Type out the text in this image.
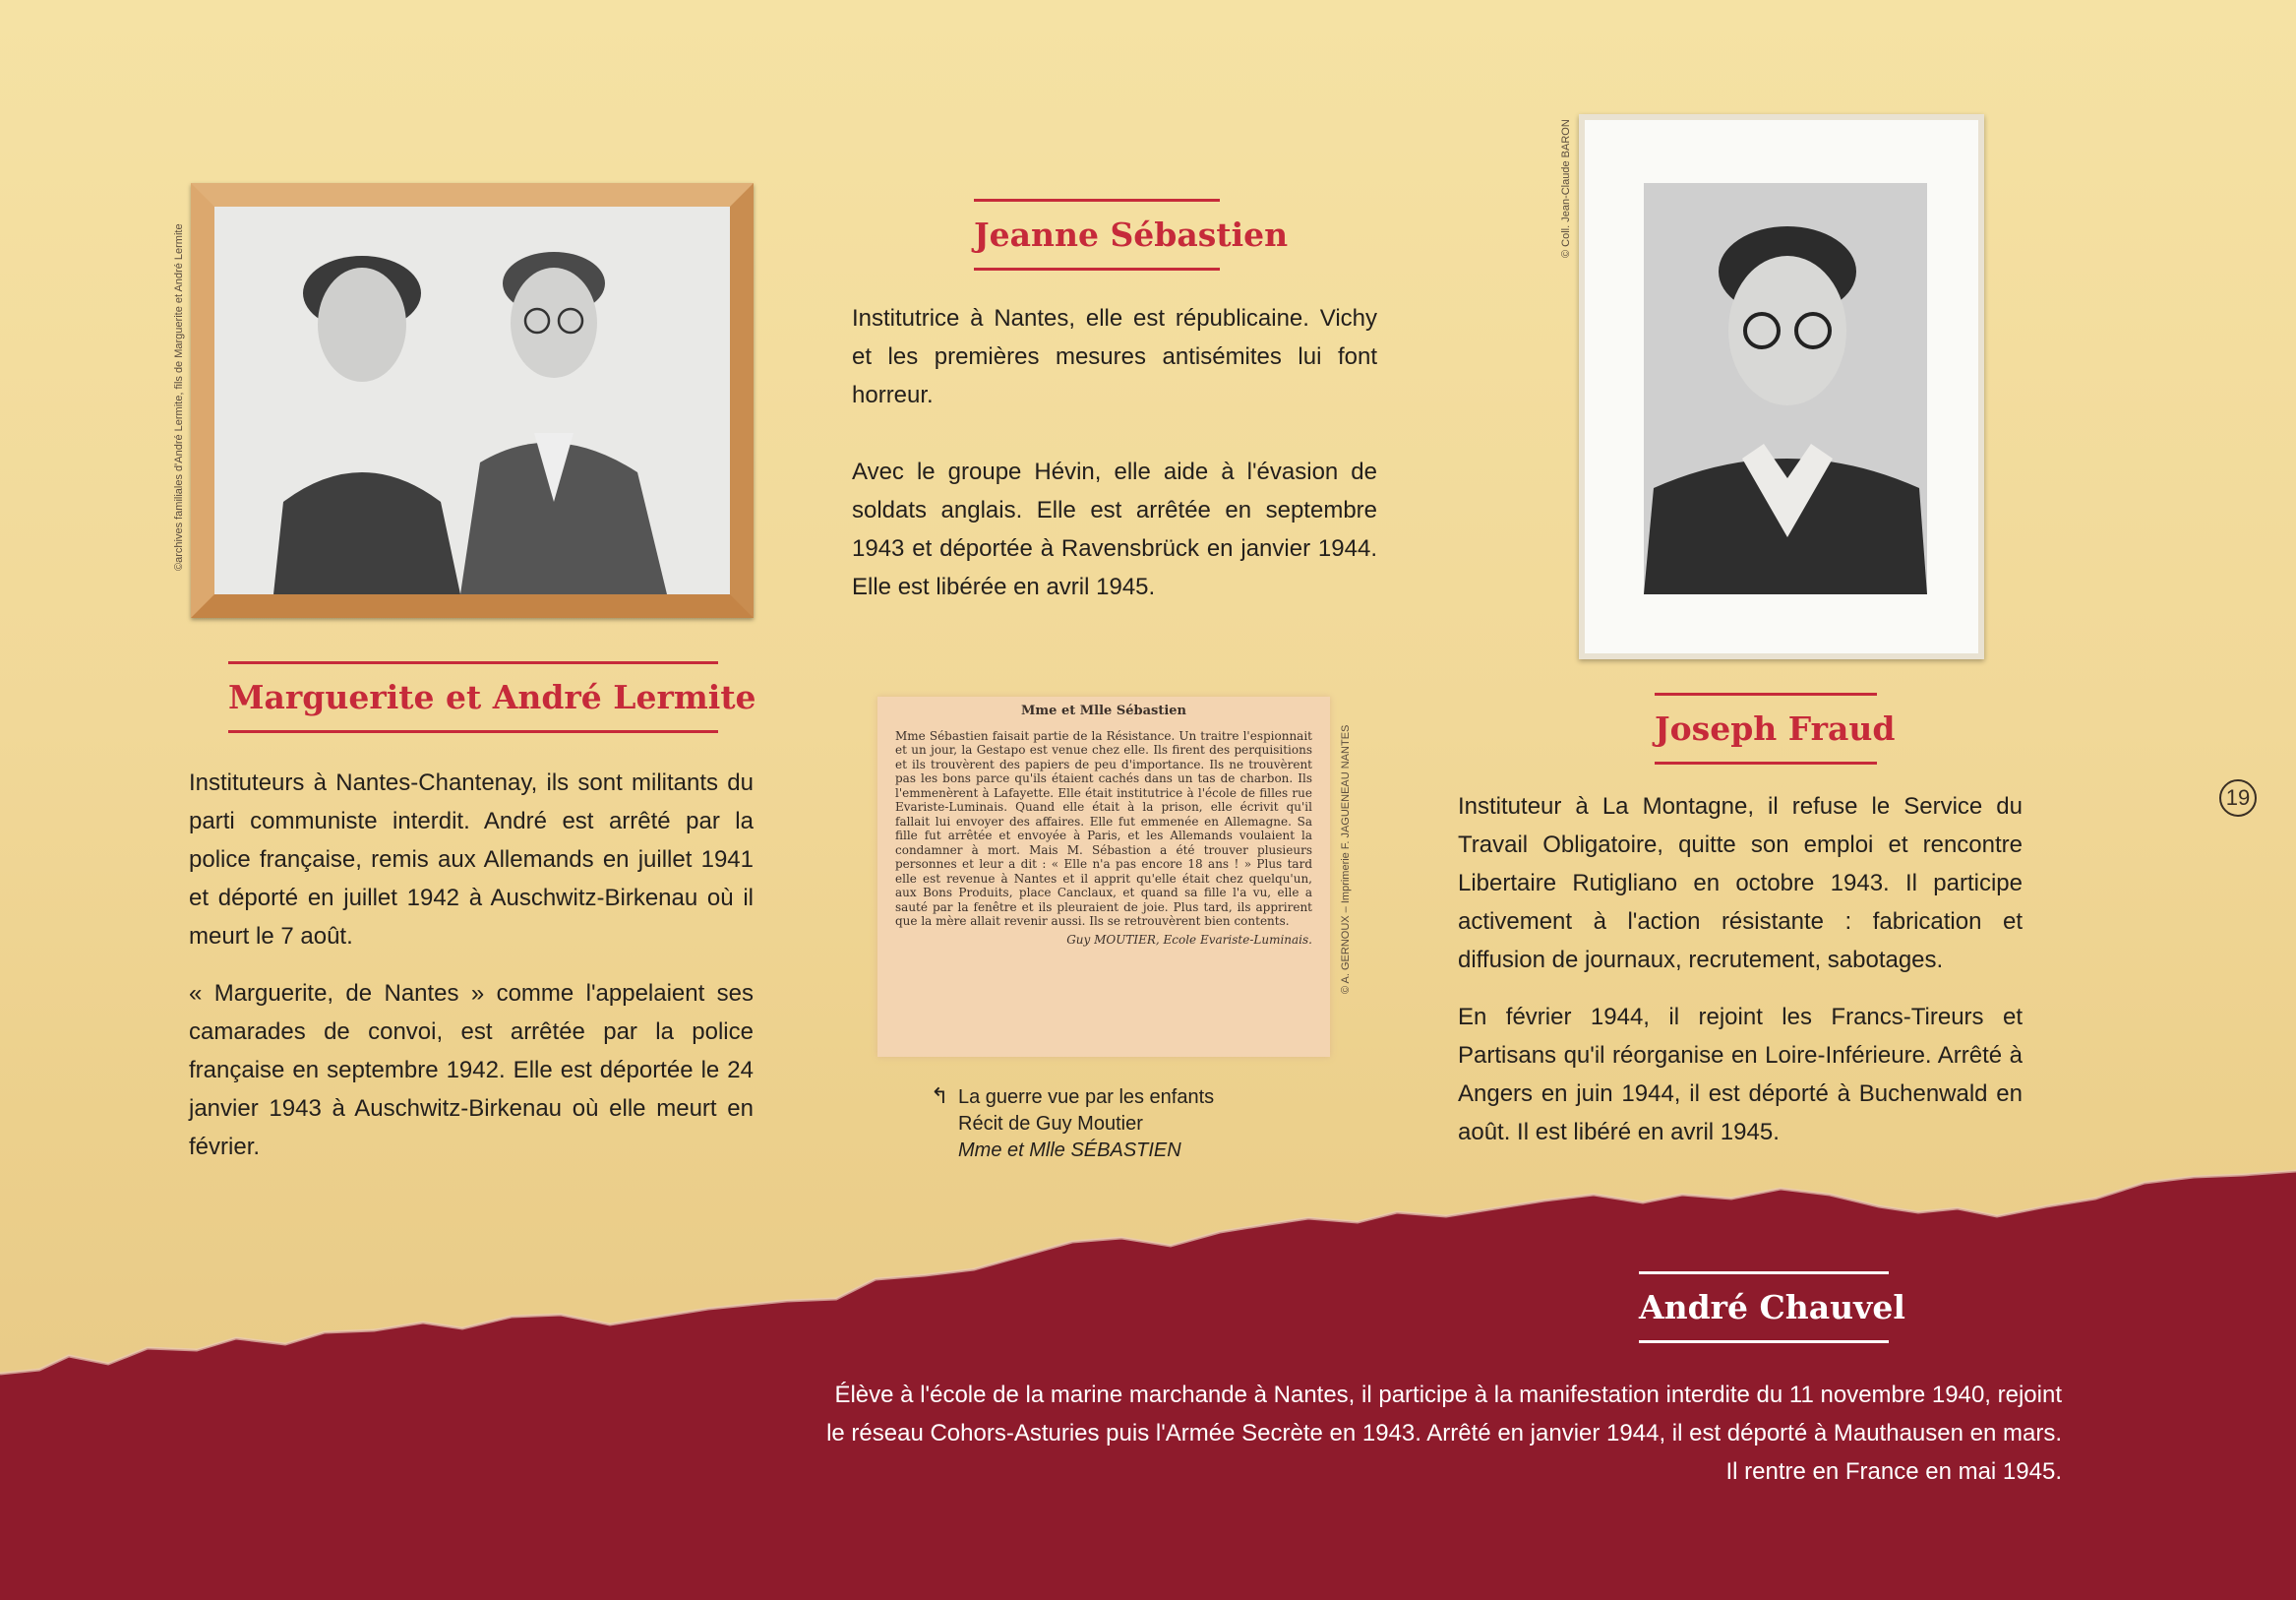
©archives familiales d'André Lermite, fils de Marguerite et André Lermite
Marguerite et André Lermite

Instituteurs à Nantes-Chantenay, ils sont militants du parti communiste interdit. André est arrêté par la police française, remis aux Allemands en juillet 1941 et déporté en juillet 1942 à Auschwitz-Birkenau où il meurt le 7 août.

« Marguerite, de Nantes » comme l'appelaient ses camarades de convoi, est arrêtée par la police française en septembre 1942. Elle est déportée le 24 janvier 1943 à Auschwitz-Birkenau où elle meurt en février.

Jeanne Sébastien

Institutrice à Nantes, elle est républicaine. Vichy et les premières mesures antisémites lui font horreur.

Avec le groupe Hévin, elle aide à l'évasion de soldats anglais. Elle est arrêtée en septembre 1943 et déportée à Ravensbrück en janvier 1944. Elle est libérée en avril 1945.

Mme et Mlle Sébastien
Mme Sébastien faisait partie de la Résistance. Un traitre l'espionnait et un jour, la Gestapo est venue chez elle. Ils firent des perquisitions et ils trouvèrent des papiers de peu d'importance. Ils ne trouvèrent pas les bons parce qu'ils étaient cachés dans un tas de charbon. Ils l'emmenèrent à Lafayette. Elle était institutrice à l'école de filles rue Evariste-Luminais. Quand elle était à la prison, elle écrivit qu'il fallait lui envoyer des affaires. Elle fut emmenée en Allemagne. Sa fille fut arrêtée et envoyée à Paris, et les Allemands voulaient la condamner à mort. Mais M. Sébastion a été trouver plusieurs personnes et leur a dit : « Elle n'a pas encore 18 ans ! » Plus tard elle est revenue à Nantes et il apprit qu'elle était chez quelqu'un, aux Bons Produits, place Canclaux, et quand sa fille l'a vu, elle a sauté par la fenêtre et ils pleuraient de joie. Plus tard, ils apprirent que la mère allait revenir aussi. Ils se retrouvèrent bien contents.
Guy MOUTIER, Ecole Evariste-Luminais.	© A. GERNOUX – Imprimerie F. JAGUENEAU NANTES
↰ La guerre vue par les enfants
Récit de Guy Moutier
Mme et Mlle SÉBASTIEN
© Coll. Jean-Claude BARON
Joseph Fraud

Instituteur à La Montagne, il refuse le Service du Travail Obligatoire, quitte son emploi et rencontre Libertaire Rutigliano en octobre 1943. Il participe activement à l'action résistante : fabrication et diffusion de journaux, recrutement, sabotages.

En février 1944, il rejoint les Francs-Tireurs et Partisans qu'il réorganise en Loire-Inférieure. Arrêté à Angers en juin 1944, il est déporté à Buchenwald en août. Il est libéré en avril 1945.

19
André Chauvel
Élève à l'école de la marine marchande à Nantes, il participe à la manifestation interdite du 11 novembre 1940, rejoint
le réseau Cohors-Asturies puis l'Armée Secrète en 1943. Arrêté en janvier 1944, il est déporté à Mauthausen en mars.
Il rentre en France en mai 1945.
